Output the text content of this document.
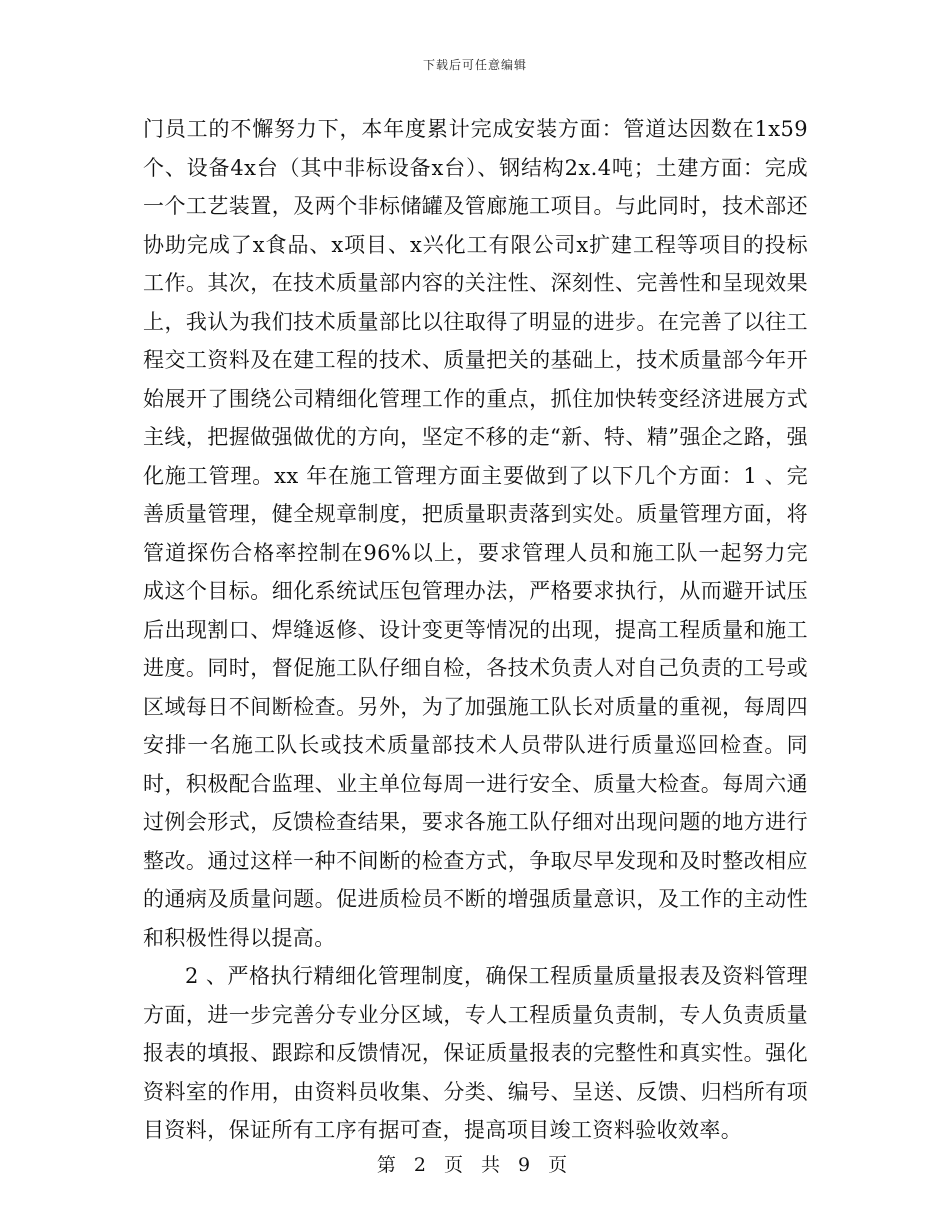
下载后可任意编辑

门员工的不懈努力下，本年度累计完成安装方面：管道达因数在1x59个、设备4x台（其中非标设备x台）、钢结构2x.4吨；土建方面：完成一个工艺装置，及两个非标储罐及管廊施工项目。与此同时，技术部还协助完成了x食品、x项目、x兴化工有限公司x扩建工程等项目的投标工作。其次，在技术质量部内容的关注性、深刻性、完善性和呈现效果上，我认为我们技术质量部比以往取得了明显的进步。在完善了以往工程交工资料及在建工程的技术、质量把关的基础上，技术质量部今年开始展开了围绕公司精细化管理工作的重点，抓住加快转变经济进展方式主线，把握做强做优的方向，坚定不移的走“新、特、精”强企之路，强化施工管理。xx 年在施工管理方面主要做到了以下几个方面：1 、完善质量管理，健全规章制度，把质量职责落到实处。质量管理方面，将管道探伤合格率控制在96%以上，要求管理人员和施工队一起努力完成这个目标。细化系统试压包管理办法，严格要求执行，从而避开试压后出现割口、焊缝返修、设计变更等情况的出现，提高工程质量和施工进度。同时，督促施工队仔细自检，各技术负责人对自己负责的工号或区域每日不间断检查。另外，为了加强施工队长对质量的重视，每周四安排一名施工队长或技术质量部技术人员带队进行质量巡回检查。同时，积极配合监理、业主单位每周一进行安全、质量大检查。每周六通过例会形式，反馈检查结果，要求各施工队仔细对出现问题的地方进行整改。通过这样一种不间断的检查方式，争取尽早发现和及时整改相应的通病及质量问题。促进质检员不断的增强质量意识，及工作的主动性和积极性得以提高。

2 、严格执行精细化管理制度，确保工程质量质量报表及资料管理方面，进一步完善分专业分区域，专人工程质量负责制，专人负责质量报表的填报、跟踪和反馈情况，保证质量报表的完整性和真实性。强化资料室的作用，由资料员收集、分类、编号、呈送、反馈、归档所有项目资料，保证所有工序有据可查，提高项目竣工资料验收效率。

第 2 页 共 9 页
